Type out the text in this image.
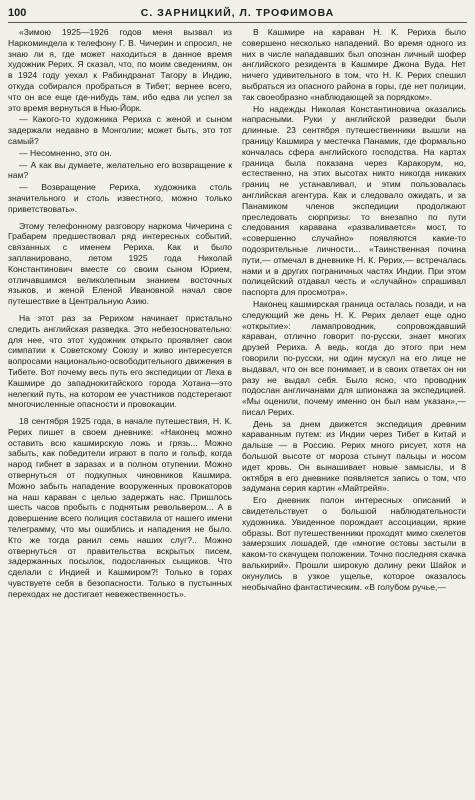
100	С. ЗАРНИЦКИЙ, Л. ТРОФИМОВА

«Зимою 1925—1926 годов меня вызвал из Наркоминдела к телефону Г. В. Чичерин и спросил, не знаю ли я, где может находиться в данное время художник Рерих. Я сказал, что, по моим сведениям, он в 1924 году уехал к Рабиндранат Тагору в Индию, откуда собирался пробраться в Тибет; вернее всего, что он все еще где-нибудь там, ибо едва ли успел за это время вернуться в Нью-Йорк.

— Какого-то художника Рериха с женой и сыном задержали недавно в Монголии; может быть, это тот самый?

— Несомненно, это он.

— А как вы думаете, желательно его возвращение к нам?

— Возвращение Рериха, художника столь значительного и столь известного, можно только приветствовать».

Этому телефонному разговору наркома Чичерина с Грабарем предшествовал ряд интересных событий, связанных с именем Рериха. Как и было запланировано, летом 1925 года Николай Константинович вместе со своим сыном Юрием, отличавшимся великолепным знанием восточных языков, и женой Еленой Ивановной начал свое путешествие в Центральную Азию.

На этот раз за Рерихом начинает пристально следить английская разведка. Это небезосновательно: для нее, что этот художник открыто проявляет свои симпатии к Советскому Союзу и живо интересуется вопросами национально-освободительного движения в Тибете. Вот почему весь путь его экспедиции от Леха в Кашмире до западнокитайского города Хотана—это нелегкий путь, на котором ее участников подстерегают многочисленные опасности и провокации.

18 сентября 1925 года, в начале путешествия, Н. К. Рерих пишет в своем дневнике: «Наконец можно оставить всю кашмирскую ложь и грязь... Можно забыть, как победители играют в поло и гольф, когда народ гибнет в заразах и в полном отупении. Можно отвернуться от подкупных чиновников Кашмира. Можно забыть нападение вооруженных провокаторов на наш караван с целью задержать нас. Пришлось шесть часов пробыть с поднятым револьвером... А в довершение всего полиция составила от нашего имени телеграмму, что мы ошиблись и нападения не было. Кто же тогда ранил семь наших слуг?.. Можно отвернуться от правительства вскрытых писем, задержанных посылок, подосланных сыщиков. Что сделали с Индией и Кашмиром?! Только в горах чувствуете себя в безопасности. Только в пустынных переходах не достигает невежественность».

В Кашмире на караван Н. К. Рериха было совершено несколько нападений. Во время одного из них в числе нападавших был опознан личный шофер английского резидента в Кашмире Джона Вуда. Нет ничего удивительного в том, что Н. К. Рерих спешил выбраться из опасного района в горы, где нет полиции, так своеобразно «наблюдающей за порядком».

Но надежды Николая Константиновича оказались напрасными. Руки у английской разведки были длинные. 23 сентября путешественники вышли на границу Кашмира у местечка Панамик, где формально кончалась сфера английского господства. На картах граница была показана через Каракорум, но, естественно, на этих высотах никто никогда никаких границ не устанавливал, и этим пользовалась английская агентура. Как и следовало ожидать, и за Панамиком членов экспедиции продолжают преследовать сюрпризы: то внезапно по пути следования каравана «разваливается» мост, то «совершенно случайно» появляются какие-то подозрительные личности... «Таинственная почина пути,— отмечал в дневнике Н. К. Рерих,— встречалась нами и в других пограничных частях Индии. При этом полицейский отдавал честь и «случайно» спрашивал паспорта для просмотра».

Наконец кашмирская граница осталась позади, и на следующий же день Н. К. Рерих делает еще одно «открытие»: ламапроводник, сопровождавший караван, отлично говорит по-русски, знает многих друзей Рериха. А ведь, когда до этого при нем говорили по-русски, ни один мускул на его лице не выдавал, что он все понимает, и в своих ответах он ни разу не выдал себя. Было ясно, что проводник подослан англичанами для шпионажа за экспедицией. «Мы оценили, почему именно он был нам указан»,— писал Рерих.

День за днем движется экспедиция древним караванным путем: из Индии через Тибет в Китай и дальше — в Россию. Рерих много рисует, хотя на большой высоте от мороза стынут пальцы и носом идет кровь. Он вынашивает новые замыслы, и 8 октября в его дневнике появляется запись о том, что задумана серия картин «Майтрейя».

Его дневник полон интересных описаний и свидетельствует о большой наблюдательности художника. Увиденное порождает ассоциации, яркие образы. Вот путешественники проходят мимо скелетов замерзших лошадей, где «многие остовы застыли в каком-то скачущем положении. Точно последняя скачка валькирий». Прошли широкую долину реки Шайок и окунулись в узкое ущелье, которое оказалось необычайно фантастическим. «В голубом ручье,—
